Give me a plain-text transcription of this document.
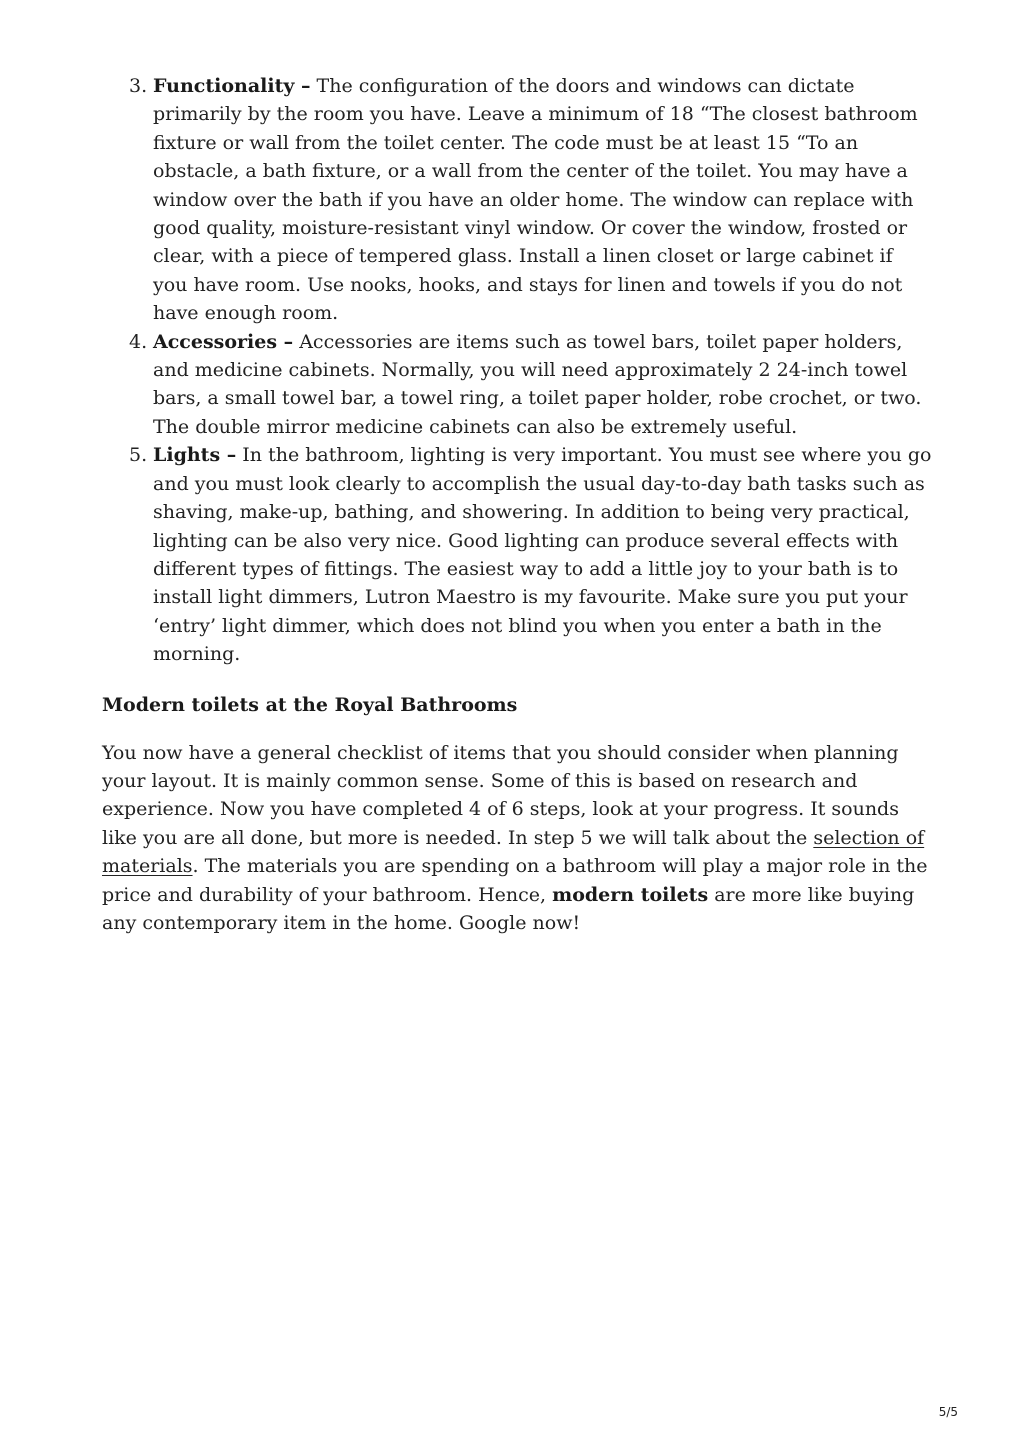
3. Functionality – The configuration of the doors and windows can dictate primarily by the room you have. Leave a minimum of 18 “The closest bathroom fixture or wall from the toilet center. The code must be at least 15 “To an obstacle, a bath fixture, or a wall from the center of the toilet. You may have a window over the bath if you have an older home. The window can replace with good quality, moisture-resistant vinyl window. Or cover the window, frosted or clear, with a piece of tempered glass. Install a linen closet or large cabinet if you have room. Use nooks, hooks, and stays for linen and towels if you do not have enough room.
4. Accessories – Accessories are items such as towel bars, toilet paper holders, and medicine cabinets. Normally, you will need approximately 2 24-inch towel bars, a small towel bar, a towel ring, a toilet paper holder, robe crochet, or two. The double mirror medicine cabinets can also be extremely useful.
5. Lights – In the bathroom, lighting is very important. You must see where you go and you must look clearly to accomplish the usual day-to-day bath tasks such as shaving, make-up, bathing, and showering. In addition to being very practical, lighting can be also very nice. Good lighting can produce several effects with different types of fittings. The easiest way to add a little joy to your bath is to install light dimmers, Lutron Maestro is my favourite. Make sure you put your ‘entry’ light dimmer, which does not blind you when you enter a bath in the morning.
Modern toilets at the Royal Bathrooms

You now have a general checklist of items that you should consider when planning your layout. It is mainly common sense. Some of this is based on research and experience. Now you have completed 4 of 6 steps, look at your progress. It sounds like you are all done, but more is needed. In step 5 we will talk about the selection of materials. The materials you are spending on a bathroom will play a major role in the price and durability of your bathroom. Hence, modern toilets are more like buying any contemporary item in the home. Google now!

5/5
